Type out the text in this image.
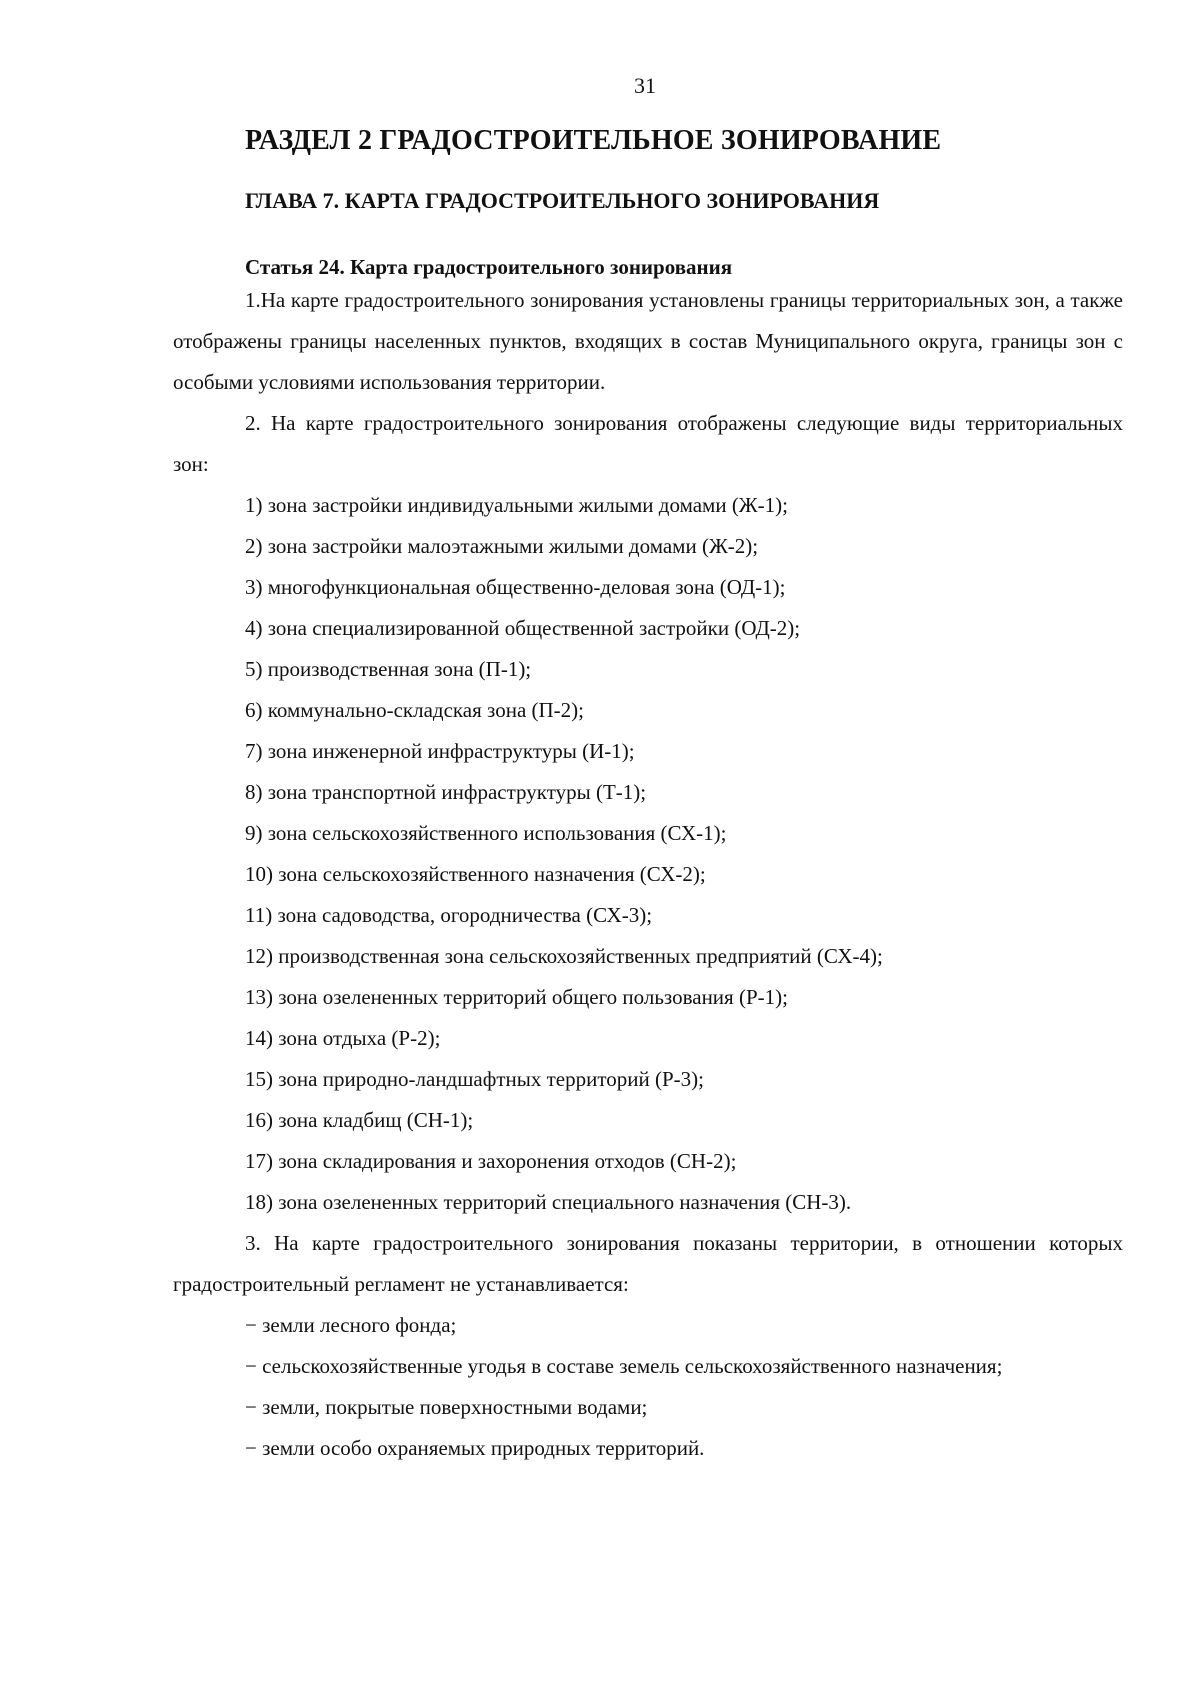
31
РАЗДЕЛ 2 ГРАДОСТРОИТЕЛЬНОЕ ЗОНИРОВАНИЕ
ГЛАВА 7. КАРТА ГРАДОСТРОИТЕЛЬНОГО ЗОНИРОВАНИЯ
Статья 24. Карта градостроительного зонирования

1.На карте градостроительного зонирования установлены границы территориальных зон, а также отображены границы населенных пунктов, входящих в состав Муниципального округа, границы зон с особыми условиями использования территории.

2. На карте градостроительного зонирования отображены следующие виды территориальных зон:

1) зона застройки индивидуальными жилыми домами (Ж-1);
2) зона застройки малоэтажными жилыми домами (Ж-2);
3) многофункциональная общественно-деловая зона (ОД-1);
4) зона специализированной общественной застройки (ОД-2);
5) производственная зона (П-1);
6) коммунально-складская зона (П-2);
7) зона инженерной инфраструктуры (И-1);
8) зона транспортной инфраструктуры (Т-1);
9) зона сельскохозяйственного использования (СХ-1);
10) зона сельскохозяйственного назначения (СХ-2);
11) зона садоводства, огородничества (СХ-3);
12) производственная зона сельскохозяйственных предприятий (СХ-4);
13) зона озелененных территорий общего пользования (Р-1);
14) зона отдыха (Р-2);
15) зона природно-ландшафтных территорий (Р-3);
16) зона кладбищ (СН-1);
17) зона складирования и захоронения отходов (СН-2);
18) зона озелененных территорий специального назначения (СН-3).

3. На карте градостроительного зонирования показаны территории, в отношении которых градостроительный регламент не устанавливается:

− земли лесного фонда;
− сельскохозяйственные угодья в составе земель сельскохозяйственного назначения;
− земли, покрытые поверхностными водами;
− земли особо охраняемых природных территорий.
